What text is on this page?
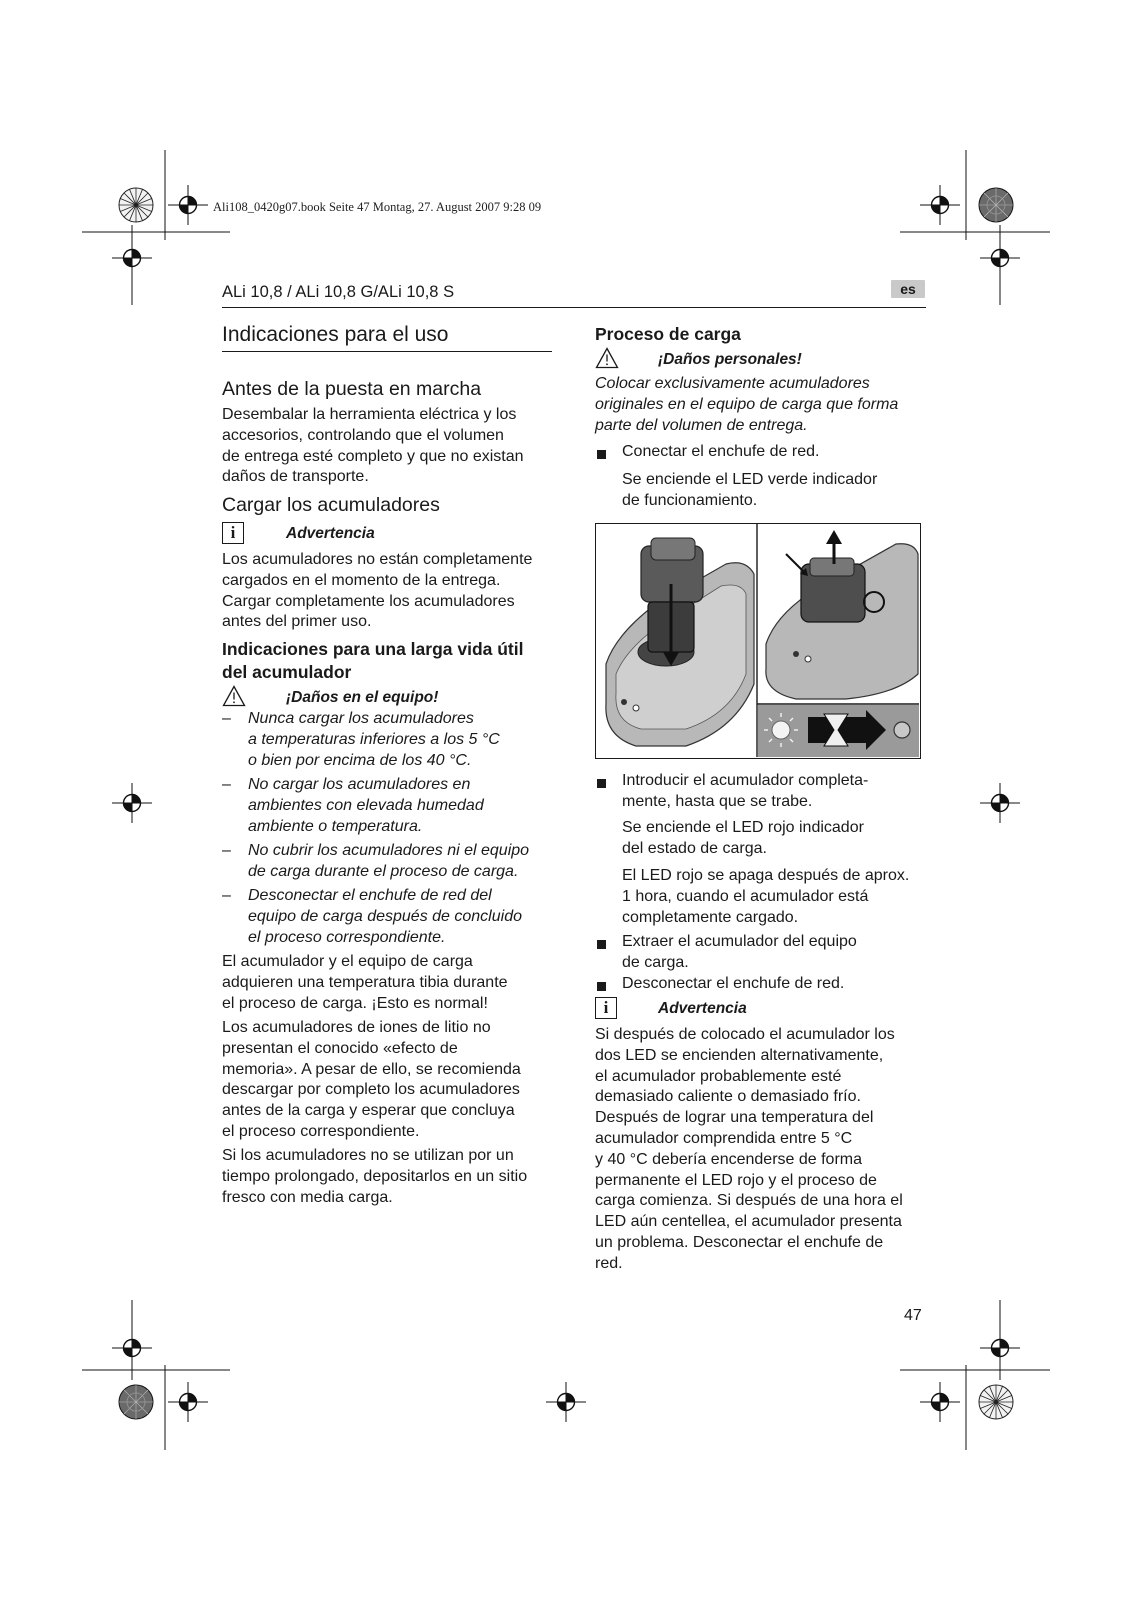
Ali108_0420g07.book Seite 47 Montag, 27. August 2007 9:28 09
ALi 10,8 / ALi 10,8 G/ALi 10,8 S	es
Indicaciones para el uso
Antes de la puesta en marcha
Desembalar la herramienta eléctrica y los
accesorios, controlando que el volumen
de entrega esté completo y que no existan
daños de transporte.
Cargar los acumuladores
i	Advertencia
Los acumuladores no están completamente
cargados en el momento de la entrega.
Cargar completamente los acumuladores
antes del primer uso.
Indicaciones para una larga vida útil
del acumulador
¡Daños en el equipo!
– Nunca cargar los acumuladores
a temperaturas inferiores a los 5 °C
o bien por encima de los 40 °C.
– No cargar los acumuladores en
ambientes con elevada humedad
ambiente o temperatura.
– No cubrir los acumuladores ni el equipo
de carga durante el proceso de carga.
– Desconectar el enchufe de red del
equipo de carga después de concluido
el proceso correspondiente.
El acumulador y el equipo de carga
adquieren una temperatura tibia durante
el proceso de carga. ¡Esto es normal!
Los acumuladores de iones de litio no
presentan el conocido «efecto de
memoria». A pesar de ello, se recomienda
descargar por completo los acumuladores
antes de la carga y esperar que concluya
el proceso correspondiente.
Si los acumuladores no se utilizan por un
tiempo prolongado, depositarlos en un sitio
fresco con media carga.
Proceso de carga
¡Daños personales!
Colocar exclusivamente acumuladores
originales en el equipo de carga que forma
parte del volumen de entrega.
Conectar el enchufe de red.
Se enciende el LED verde indicador
de funcionamiento.
Introducir el acumulador completa-
mente, hasta que se trabe.
Se enciende el LED rojo indicador
del estado de carga.
El LED rojo se apaga después de aprox.
1 hora, cuando el acumulador está
completamente cargado.
Extraer el acumulador del equipo
de carga.
Desconectar el enchufe de red.
i	Advertencia
Si después de colocado el acumulador los
dos LED se encienden alternativamente,
el acumulador probablemente esté
demasiado caliente o demasiado frío.
Después de lograr una temperatura del
acumulador comprendida entre 5 °C
y 40 °C debería encenderse de forma
permanente el LED rojo y el proceso de
carga comienza. Si después de una hora el
LED aún centellea, el acumulador presenta
un problema. Desconectar el enchufe de
red.
47
